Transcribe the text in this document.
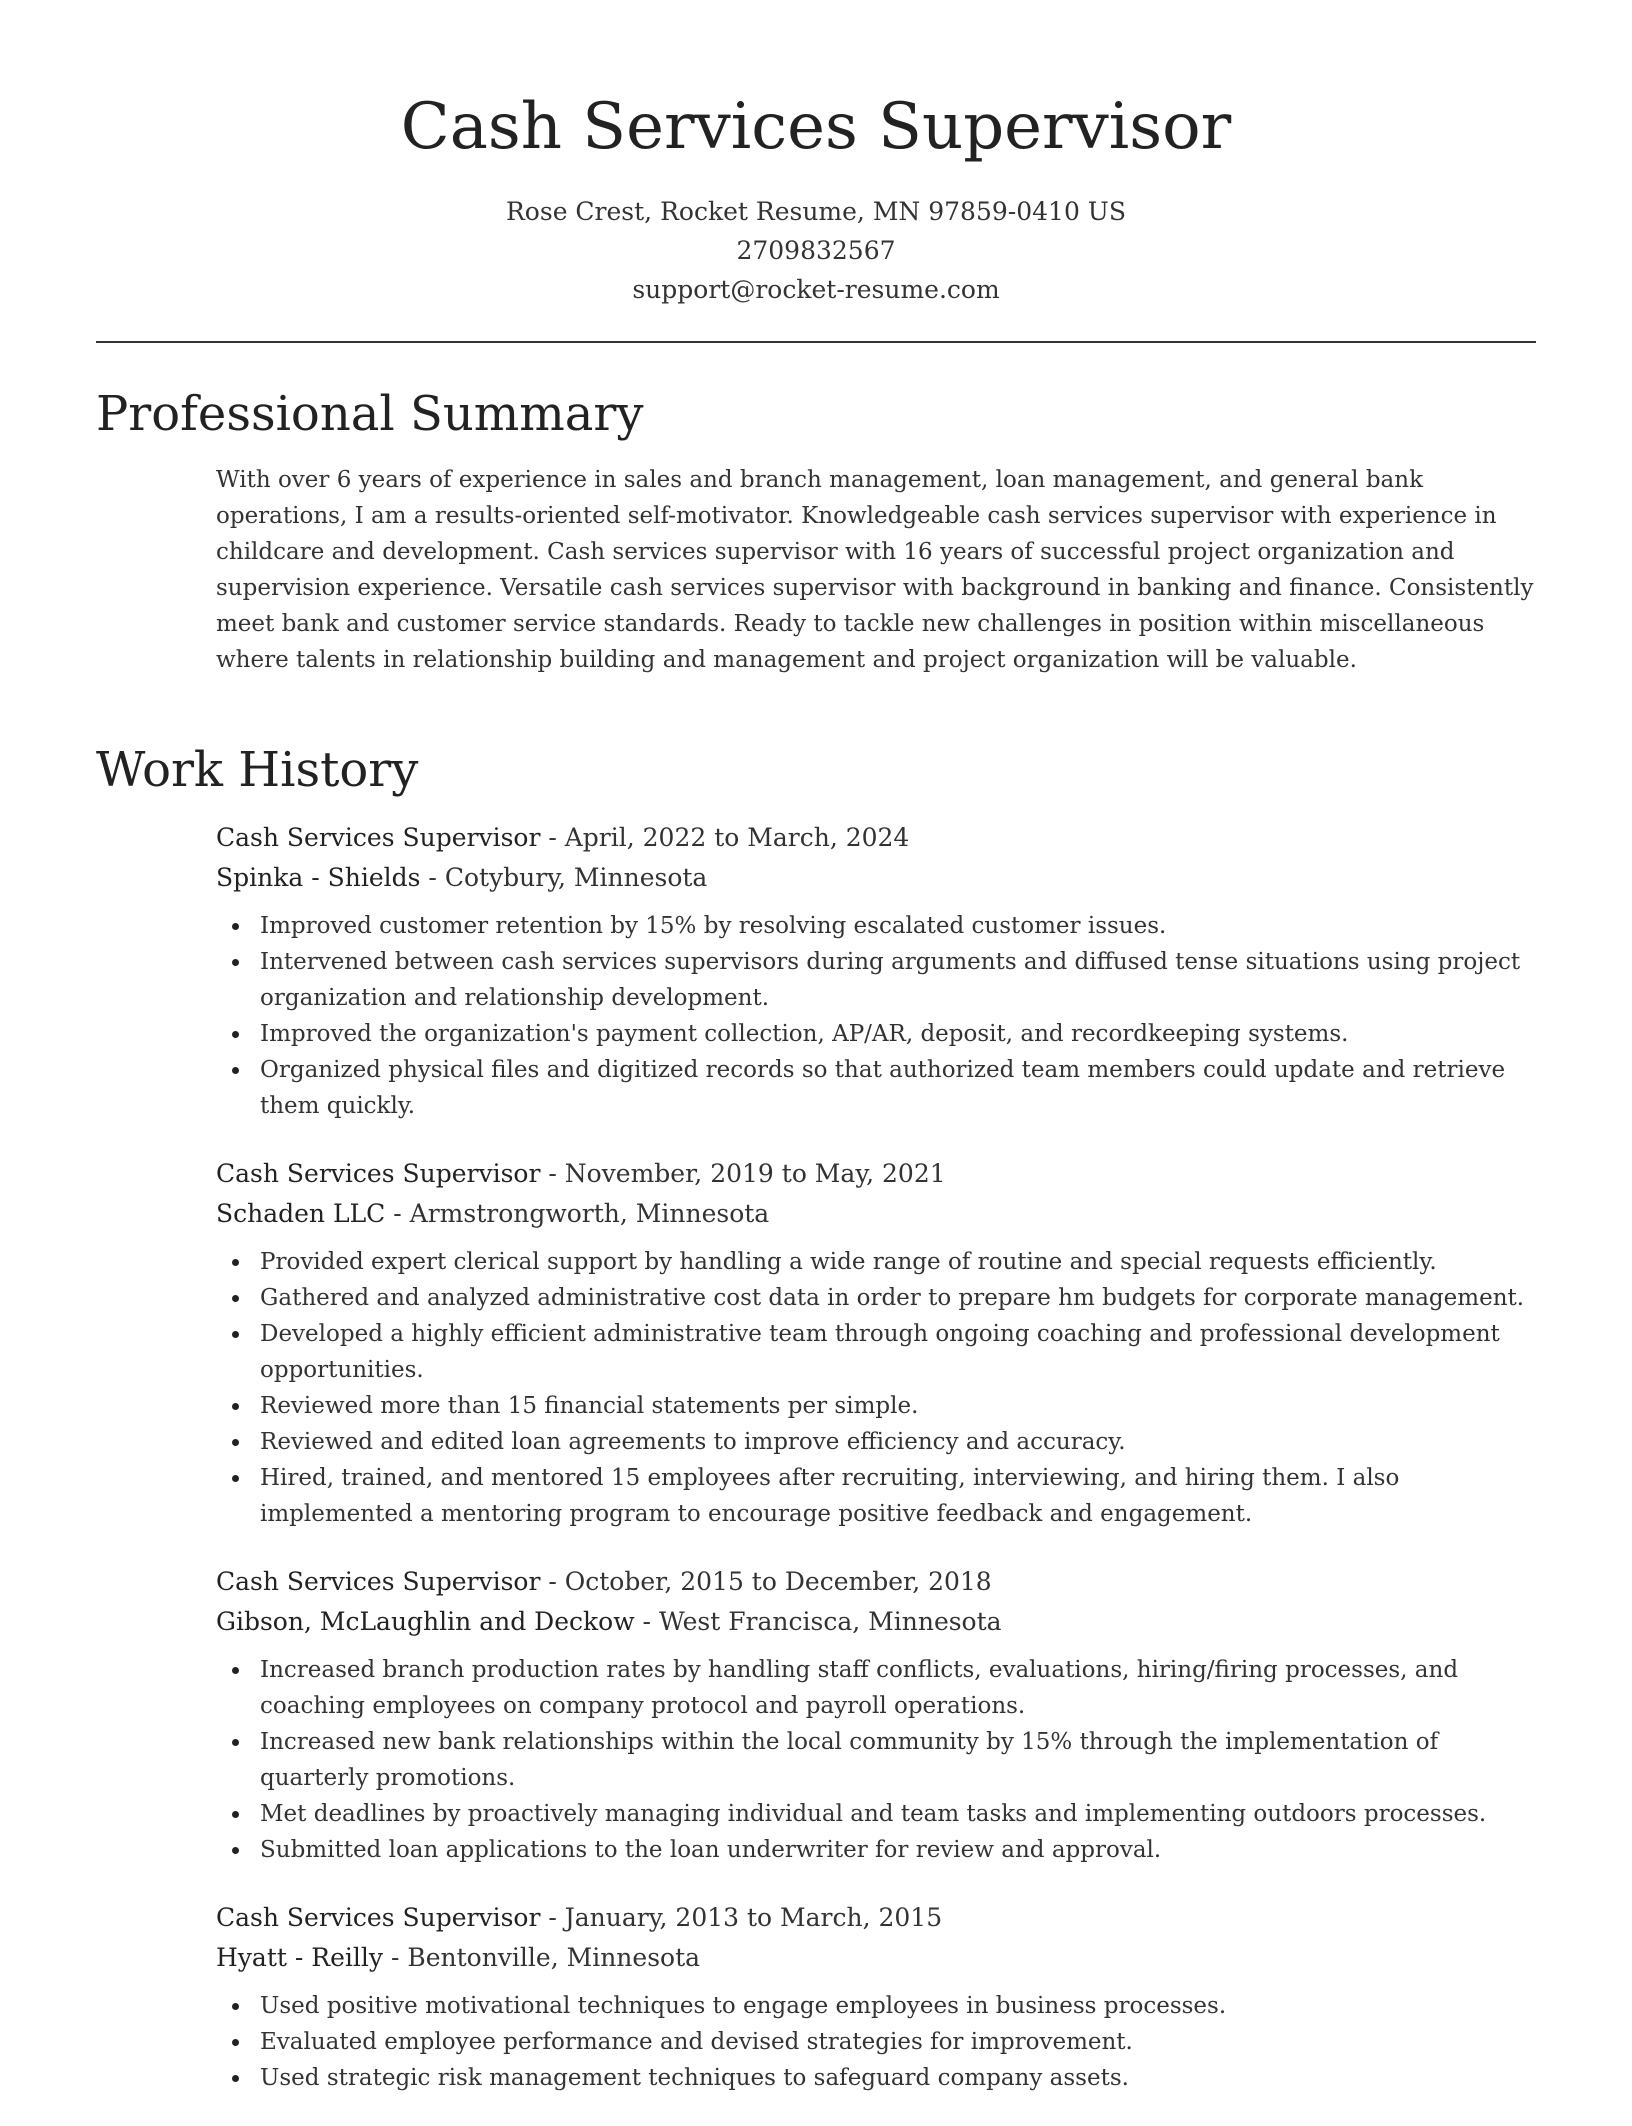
Cash Services Supervisor
Rose Crest, Rocket Resume, MN 97859-0410 US
2709832567
support@rocket-resume.com
Professional Summary

With over 6 years of experience in sales and branch management, loan management, and general bank operations, I am a results-oriented self-motivator. Knowledgeable cash services supervisor with experience in childcare and development. Cash services supervisor with 16 years of successful project organization and supervision experience. Versatile cash services supervisor with background in banking and finance. Consistently meet bank and customer service standards. Ready to tackle new challenges in position within miscellaneous where talents in relationship building and management and project organization will be valuable.

Work History
Cash Services Supervisor - April, 2022 to March, 2024
Spinka - Shields - Cotybury, Minnesota
Improved customer retention by 15% by resolving escalated customer issues.
Intervened between cash services supervisors during arguments and diffused tense situations using project organization and relationship development.
Improved the organization's payment collection, AP/AR, deposit, and recordkeeping systems.
Organized physical files and digitized records so that authorized team members could update and retrieve them quickly.
Cash Services Supervisor - November, 2019 to May, 2021
Schaden LLC - Armstrongworth, Minnesota
Provided expert clerical support by handling a wide range of routine and special requests efficiently.
Gathered and analyzed administrative cost data in order to prepare hm budgets for corporate management.
Developed a highly efficient administrative team through ongoing coaching and professional development opportunities.
Reviewed more than 15 financial statements per simple.
Reviewed and edited loan agreements to improve efficiency and accuracy.
Hired, trained, and mentored 15 employees after recruiting, interviewing, and hiring them. I also implemented a mentoring program to encourage positive feedback and engagement.
Cash Services Supervisor - October, 2015 to December, 2018
Gibson, McLaughlin and Deckow - West Francisca, Minnesota
Increased branch production rates by handling staff conflicts, evaluations, hiring/firing processes, and coaching employees on company protocol and payroll operations.
Increased new bank relationships within the local community by 15% through the implementation of quarterly promotions.
Met deadlines by proactively managing individual and team tasks and implementing outdoors processes.
Submitted loan applications to the loan underwriter for review and approval.
Cash Services Supervisor - January, 2013 to March, 2015
Hyatt - Reilly - Bentonville, Minnesota
Used positive motivational techniques to engage employees in business processes.
Evaluated employee performance and devised strategies for improvement.
Used strategic risk management techniques to safeguard company assets.
